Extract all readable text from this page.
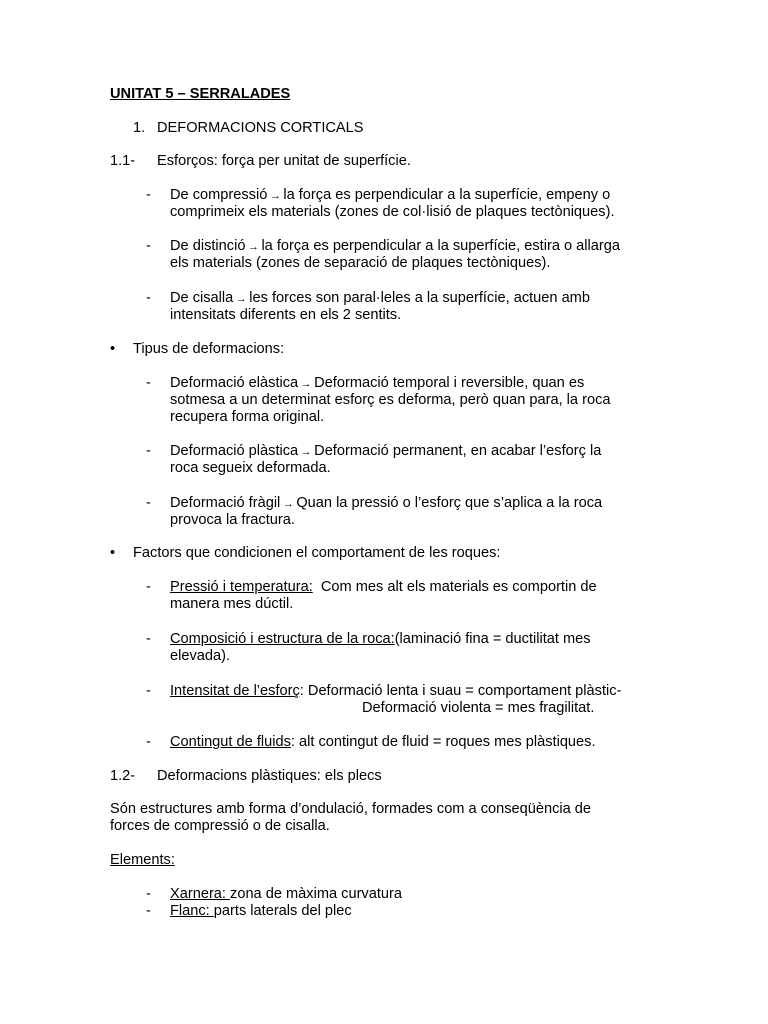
UNITAT 5 – SERRALADES
1. DEFORMACIONS CORTICALS
1.1- Esforços: força per unitat de superfície.
- De compressió → la força es perpendicular a la superfície, empeny o
comprimeix els materials (zones de col·lisió de plaques tectòniques).
- De distinció → la força es perpendicular a la superfície, estira o allarga
els materials (zones de separació de plaques tectòniques).
- De cisalla → les forces son paral·leles a la superfície, actuen amb
intensitats diferents en els 2 sentits.
• Tipus de deformacions:
- Deformació elàstica → Deformació temporal i reversible, quan es
sotmesa a un determinat esforç es deforma, però quan para, la roca
recupera forma original.
- Deformació plàstica → Deformació permanent, en acabar l’esforç la
roca segueix deformada.
- Deformació fràgil → Quan la pressió o l’esforç que s’aplica a la roca
provoca la fractura.
• Factors que condicionen el comportament de les roques:
- Pressió i temperatura:  Com mes alt els materials es comportin de
manera mes dúctil.
- Composició i estructura de la roca:(laminació fina = ductilitat mes
elevada).
- Intensitat de l’esforç: Deformació lenta i suau = comportament plàstic-
Deformació violenta = mes fragilitat.
- Contingut de fluids: alt contingut de fluid = roques mes plàstiques.
1.2- Deformacions plàstiques: els plecs
Són estructures amb forma d’ondulació, formades com a conseqüència de
forces de compressió o de cisalla.
Elements:
- Xarnera: zona de màxima curvatura
- Flanc: parts laterals del plec
